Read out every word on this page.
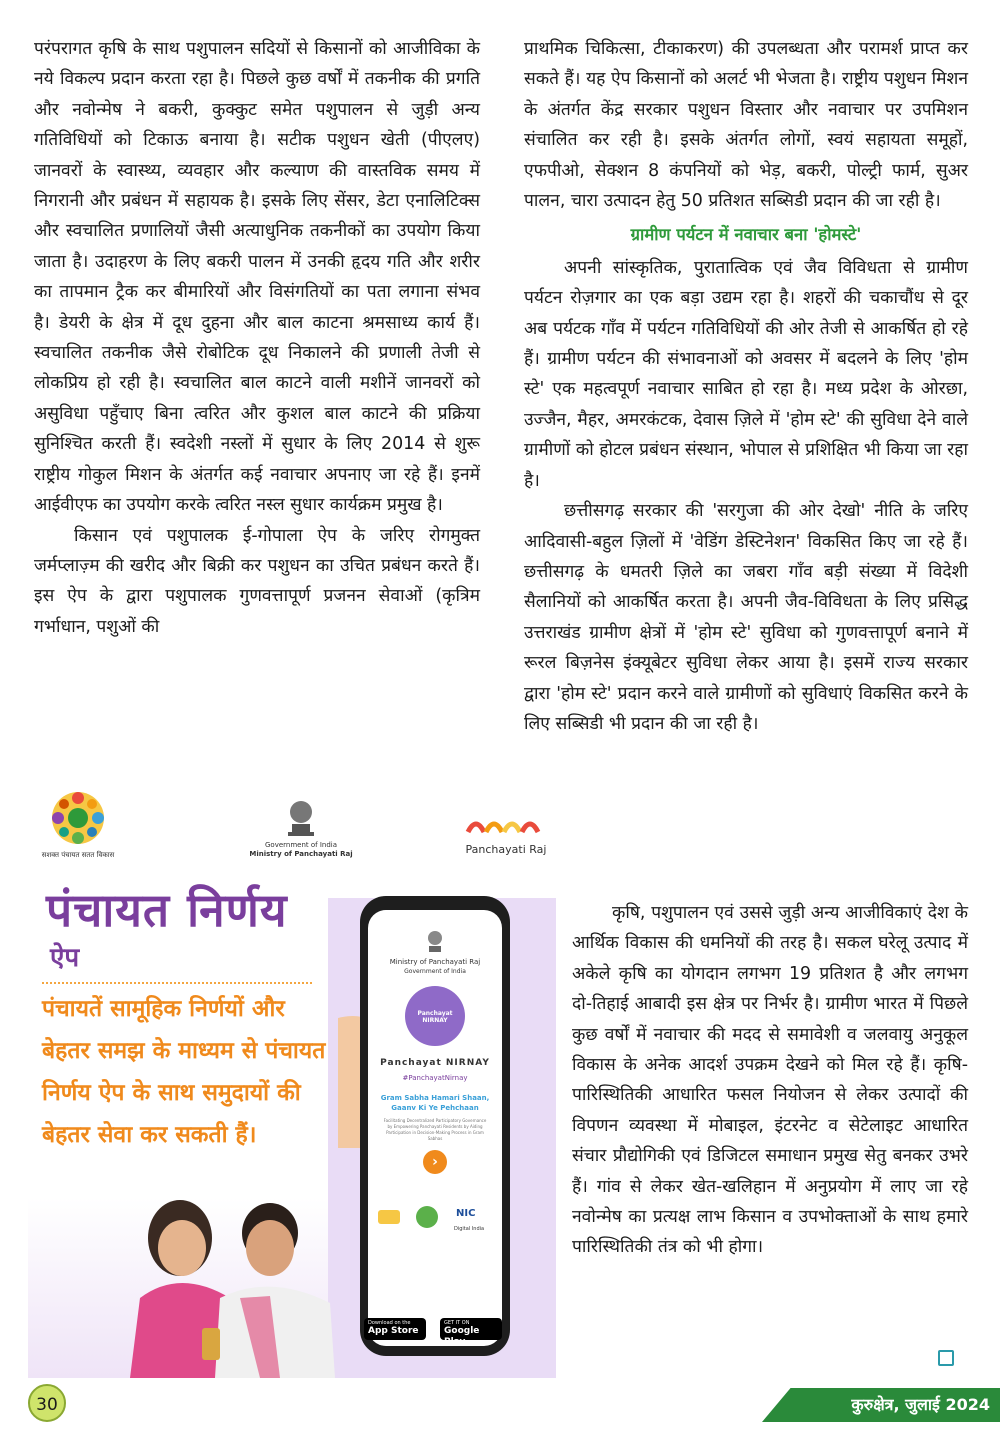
परंपरागत कृषि के साथ पशुपालन सदियों से किसानों को आजीविका के नये विकल्प प्रदान करता रहा है। पिछले कुछ वर्षों में तकनीक की प्रगति और नवोन्मेष ने बकरी, कुक्कुट समेत पशुपालन से जुड़ी अन्य गतिविधियों को टिकाऊ बनाया है। सटीक पशुधन खेती (पीएलए) जानवरों के स्वास्थ्य, व्यवहार और कल्याण की वास्तविक समय में निगरानी और प्रबंधन में सहायक है। इसके लिए सेंसर, डेटा एनालिटिक्स और स्वचालित प्रणालियों जैसी अत्याधुनिक तकनीकों का उपयोग किया जाता है। उदाहरण के लिए बकरी पालन में उनकी हृदय गति और शरीर का तापमान ट्रैक कर बीमारियों और विसंगतियों का पता लगाना संभव है। डेयरी के क्षेत्र में दूध दुहना और बाल काटना श्रमसाध्य कार्य हैं। स्वचालित तकनीक जैसे रोबोटिक दूध निकालने की प्रणाली तेजी से लोकप्रिय हो रही है। स्वचालित बाल काटने वाली मशीनें जानवरों को असुविधा पहुँचाए बिना त्वरित और कुशल बाल काटने की प्रक्रिया सुनिश्चित करती हैं। स्वदेशी नस्लों में सुधार के लिए 2014 से शुरू राष्ट्रीय गोकुल मिशन के अंतर्गत कई नवाचार अपनाए जा रहे हैं। इनमें आईवीएफ का उपयोग करके त्वरित नस्ल सुधार कार्यक्रम प्रमुख है।

किसान एवं पशुपालक ई-गोपाला ऐप के जरिए रोगमुक्त जर्मप्लाज़्म की खरीद और बिक्री कर पशुधन का उचित प्रबंधन करते हैं। इस ऐप के द्वारा पशुपालक गुणवत्तापूर्ण प्रजनन सेवाओं (कृत्रिम गर्भाधान, पशुओं की

प्राथमिक चिकित्सा, टीकाकरण) की उपलब्धता और परामर्श प्राप्त कर सकते हैं। यह ऐप किसानों को अलर्ट भी भेजता है। राष्ट्रीय पशुधन मिशन के अंतर्गत केंद्र सरकार पशुधन विस्तार और नवाचार पर उपमिशन संचालित कर रही है। इसके अंतर्गत लोगों, स्वयं सहायता समूहों, एफपीओ, सेक्शन 8 कंपनियों को भेड़, बकरी, पोल्ट्री फार्म, सुअर पालन, चारा उत्पादन हेतु 50 प्रतिशत सब्सिडी प्रदान की जा रही है।

ग्रामीण पर्यटन में नवाचार बना 'होमस्टे'

अपनी सांस्कृतिक, पुरातात्विक एवं जैव विविधता से ग्रामीण पर्यटन रोज़गार का एक बड़ा उद्यम रहा है। शहरों की चकाचौंध से दूर अब पर्यटक गाँव में पर्यटन गतिविधियों की ओर तेजी से आकर्षित हो रहे हैं। ग्रामीण पर्यटन की संभावनाओं को अवसर में बदलने के लिए 'होम स्टे' एक महत्वपूर्ण नवाचार साबित हो रहा है। मध्य प्रदेश के ओरछा, उज्जैन, मैहर, अमरकंटक, देवास ज़िले में 'होम स्टे' की सुविधा देने वाले ग्रामीणों को होटल प्रबंधन संस्थान, भोपाल से प्रशिक्षित भी किया जा रहा है।

छत्तीसगढ़ सरकार की 'सरगुजा की ओर देखो' नीति के जरिए आदिवासी-बहुल ज़िलों में 'वेडिंग डेस्टिनेशन' विकसित किए जा रहे हैं। छत्तीसगढ़ के धमतरी ज़िले का जबरा गाँव बड़ी संख्या में विदेशी सैलानियों को आकर्षित करता है। अपनी जैव-विविधता के लिए प्रसिद्ध उत्तराखंड ग्रामीण क्षेत्रों में 'होम स्टे' सुविधा को गुणवत्तापूर्ण बनाने में रूरल बिज़नेस इंक्यूबेटर सुविधा लेकर आया है। इसमें राज्य सरकार द्वारा 'होम स्टे' प्रदान करने वाले ग्रामीणों को सुविधाएं विकसित करने के लिए सब्सिडी भी प्रदान की जा रही है।

कृषि, पशुपालन एवं उससे जुड़ी अन्य आजीविकाएं देश के आर्थिक विकास की धमनियों की तरह है। सकल घरेलू उत्पाद में अकेले कृषि का योगदान लगभग 19 प्रतिशत है और लगभग दो-तिहाई आबादी इस क्षेत्र पर निर्भर है। ग्रामीण भारत में पिछले कुछ वर्षों में नवाचार की मदद से समावेशी व जलवायु अनुकूल विकास के अनेक आदर्श उपक्रम देखने को मिल रहे हैं। कृषि-पारिस्थितिकी आधारित फसल नियोजन से लेकर उत्पादों की विपणन व्यवस्था में मोबाइल, इंटरनेट व सेटेलाइट आधारित संचार प्रौद्योगिकी एवं डिजिटल समाधान प्रमुख सेतु बनकर उभरे हैं। गांव से लेकर खेत-खलिहान में अनुप्रयोग में लाए जा रहे नवोन्मेष का प्रत्यक्ष लाभ किसान व उपभोक्ताओं के साथ हमारे पारिस्थितिकी तंत्र को भी होगा।

सशक्त पंचायत सतत विकास
Government of India
Ministry of Panchayati Raj	Panchayati Raj
पंचायत निर्णय
ऐप
पंचायतें सामूहिक निर्णयों और बेहतर समझ के माध्यम से पंचायत निर्णय ऐप के साथ समुदायों की बेहतर सेवा कर सकती हैं।
Ministry of Panchayati Raj
Government of India
Panchayat NIRNAY
Panchayat NIRNAY
#PanchayatNirnay
Gram Sabha Hamari Shaan,
Gaanv Ki Ye Pehchaan
Facilitating Decentralized Participatory Governance by Empowering Panchayati Residents by Aiding Participation in Decision-Making Process in Gram Sabhas
›
NIC
Digital India
Download on the
App Store
GET IT ON
Google Play
30	कुरुक्षेत्र, जुलाई 2024
